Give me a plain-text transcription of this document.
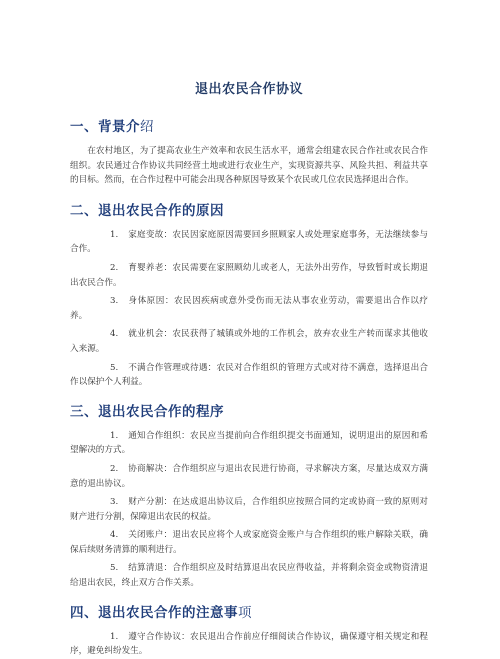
退出农民合作协议
一、背景介绍

在农村地区，为了提高农业生产效率和农民生活水平，通常会组建农民合作社或农民合作组织。农民通过合作协议共同经营土地或进行农业生产，实现资源共享、风险共担、利益共享的目标。然而，在合作过程中可能会出现各种原因导致某个农民或几位农民选择退出合作。

二、退出农民合作的原因

1. 家庭变故：农民因家庭原因需要回乡照顾家人或处理家庭事务，无法继续参与合作。

2. 育婴养老：农民需要在家照顾幼儿或老人，无法外出劳作，导致暂时或长期退出农民合作。

3. 身体原因：农民因疾病或意外受伤而无法从事农业劳动，需要退出合作以疗养。

4. 就业机会：农民获得了城镇或外地的工作机会，放弃农业生产转而谋求其他收入来源。

5. 不满合作管理或待遇：农民对合作组织的管理方式或对待不满意，选择退出合作以保护个人利益。

三、退出农民合作的程序

1. 通知合作组织：农民应当提前向合作组织提交书面通知，说明退出的原因和希望解决的方式。

2. 协商解决：合作组织应与退出农民进行协商，寻求解决方案，尽量达成双方满意的退出协议。

3. 财产分割：在达成退出协议后，合作组织应按照合同约定或协商一致的原则对财产进行分割，保障退出农民的权益。

4. 关闭账户：退出农民应将个人或家庭资金账户与合作组织的账户解除关联，确保后续财务清算的顺利进行。

5. 结算清退：合作组织应及时结算退出农民应得收益，并将剩余资金或物资清退给退出农民，终止双方合作关系。

四、退出农民合作的注意事项

1. 遵守合作协议：农民退出合作前应仔细阅读合作协议，确保遵守相关规定和程序，避免纠纷发生。
